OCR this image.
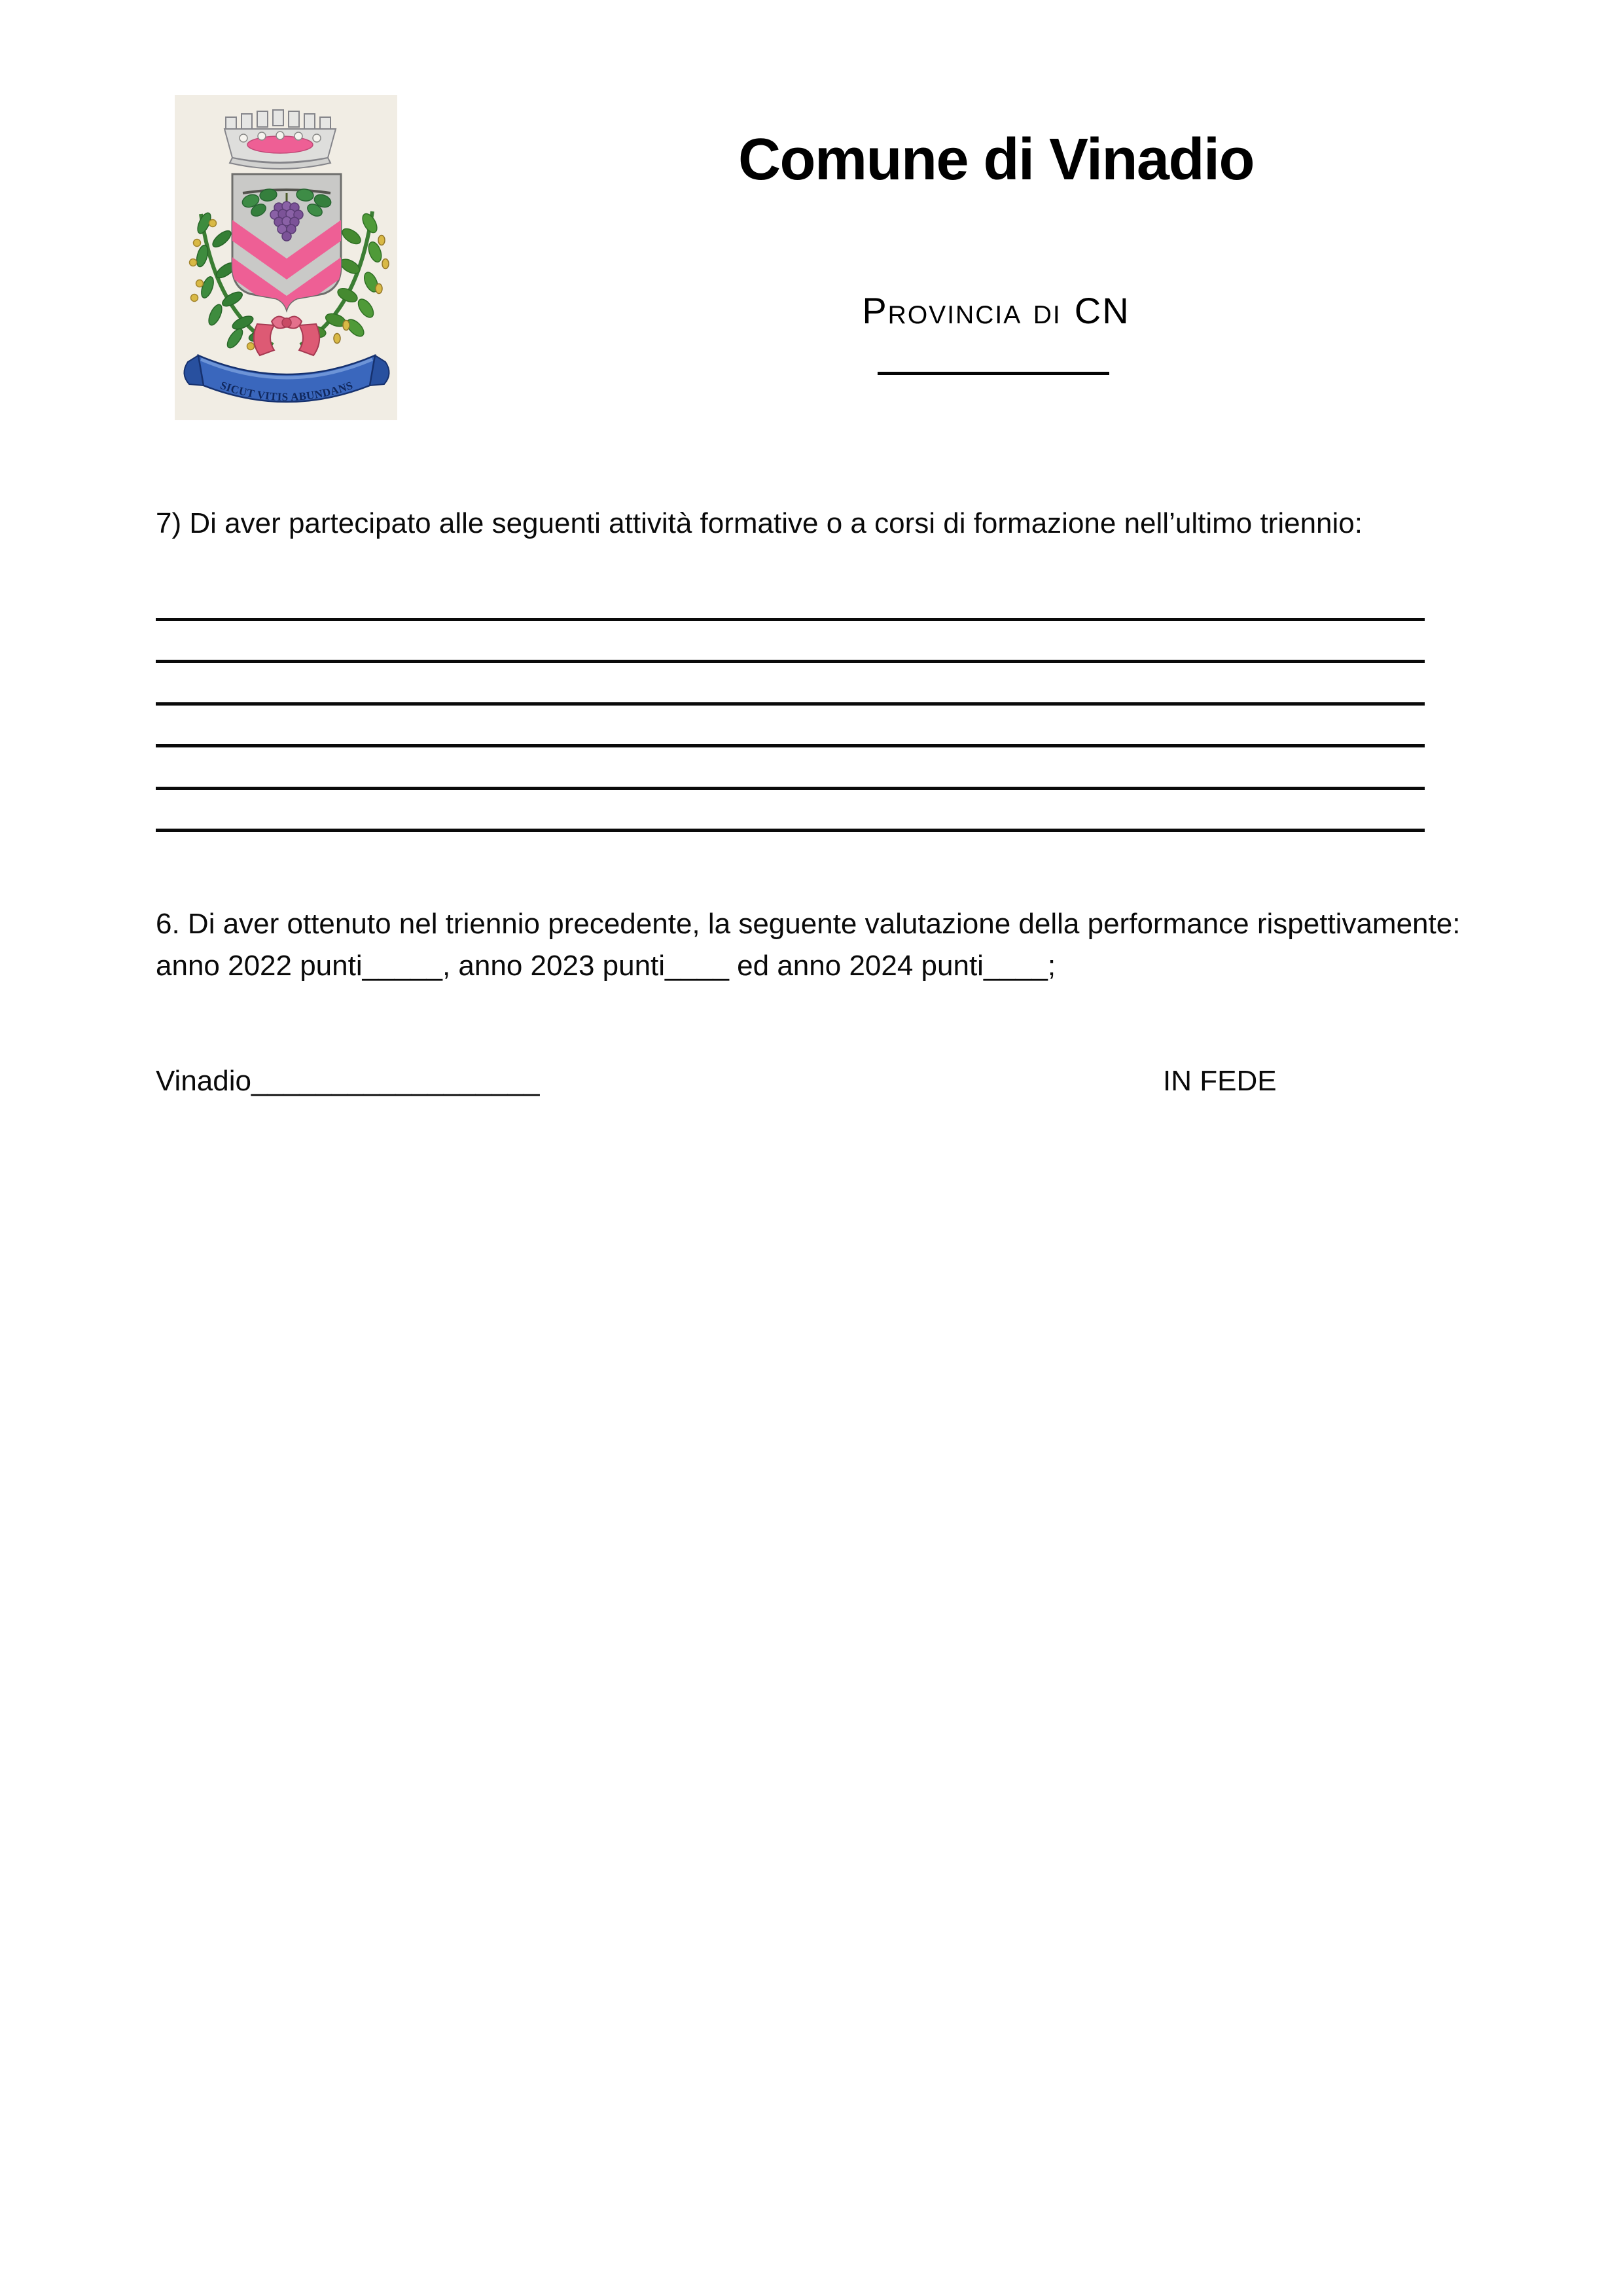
SICUT VITIS ABUNDANS
Comune di Vinadio
Provincia di CN

7) Di aver partecipato alle seguenti attività formative o a corsi di formazione nell’ultimo triennio:

6. Di aver ottenuto nel triennio precedente, la seguente valutazione della performance rispettivamente:
anno 2022 punti_____, anno 2023 punti____ ed anno 2024 punti____;
Vinadio__________________	IN FEDE
